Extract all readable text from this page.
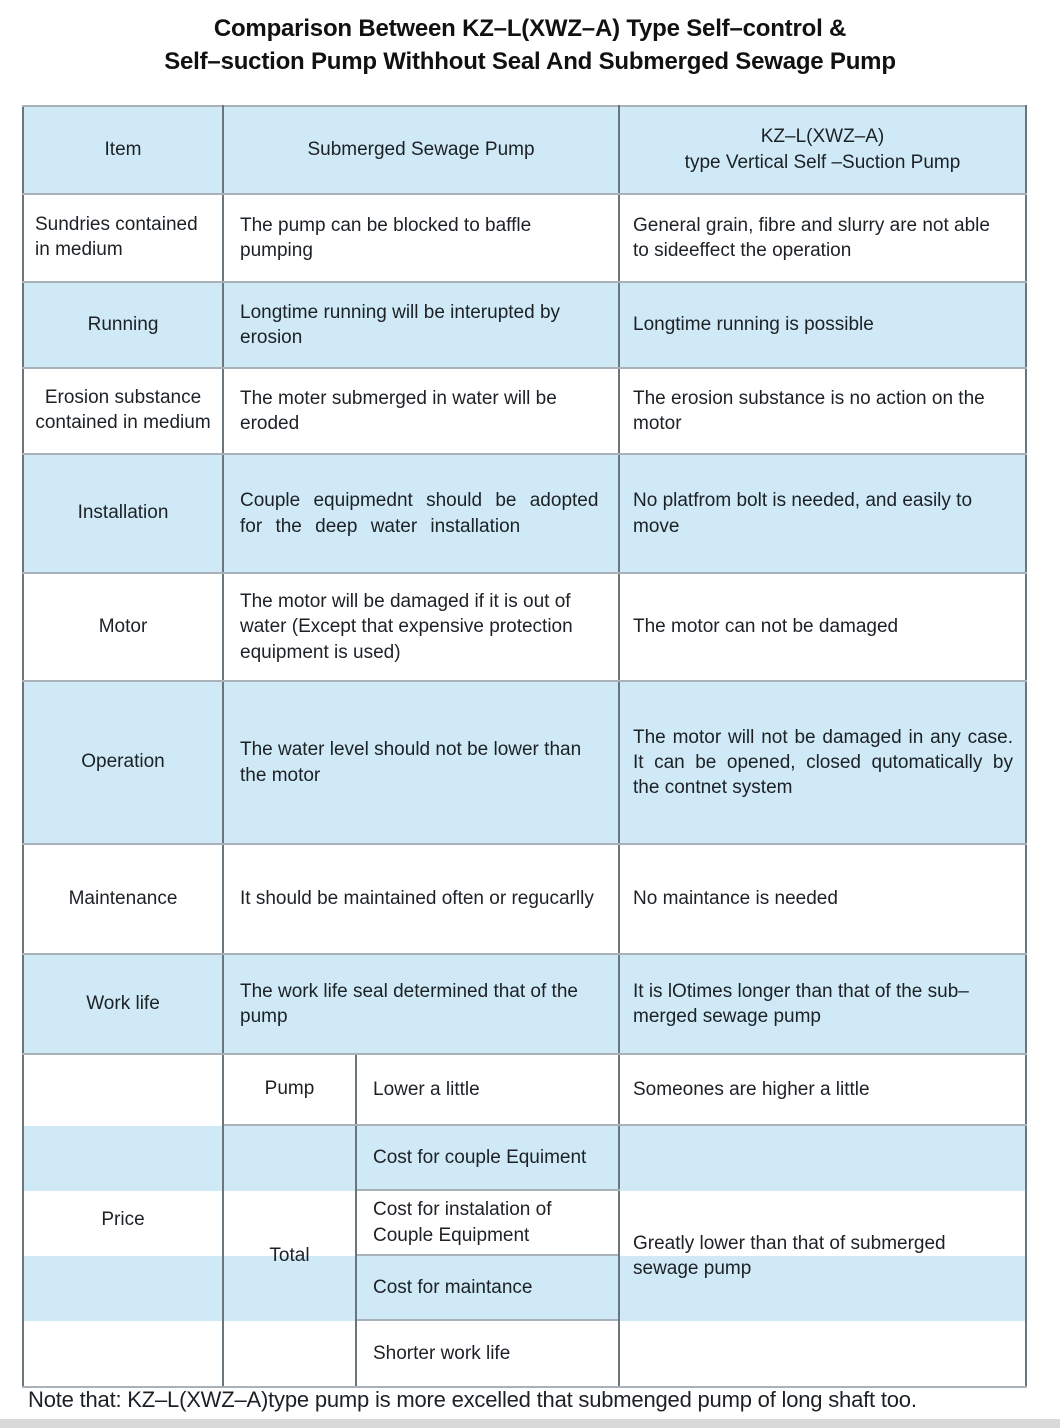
Comparison Between KZ–L(XWZ–A) Type Self–control &
Self–suction Pump Withhout Seal And Submerged Sewage Pump
Item	Submerged Sewage Pump		KZ–L(XWZ–A)
type Vertical Self –Suction Pump

Sundries contained in medium	The pump can be blocked to baffle pumping		General grain, fibre and slurry are not able to sideeffect the operation
Running	Longtime running will be interupted by erosion		Longtime running is possible
Erosion substance contained in medium	The moter submerged in water will be eroded		The erosion substance is no action on the motor
Installation	Couple equipmednt should be adopted for the deep water installation		No platfrom bolt is needed, and easily to move
Motor	The motor will be damaged if it is out of water (Except that expensive protection equipment is used)		The motor can not be damaged
Operation	The water level should not be lower than the motor		The motor will not be damaged in any case. It can be opened, closed qutomatically by the contnet system
Maintenance	It should be maintained often or regucarlly		No maintance is needed
Work life	The work life seal determined that of the pump		It is lOtimes longer than that of the sub–merged sewage pump
Price	Pump	Lower a little	Someones are higher a little
	Total	Cost for couple Equiment	Greatly lower than that of submerged sewage pump
		Cost for instalation of Couple Equipment	
		Cost for maintance	
		Shorter work life	
Note that: KZ–L(XWZ–A)type pump is more excelled that submenged pump of long shaft too.
